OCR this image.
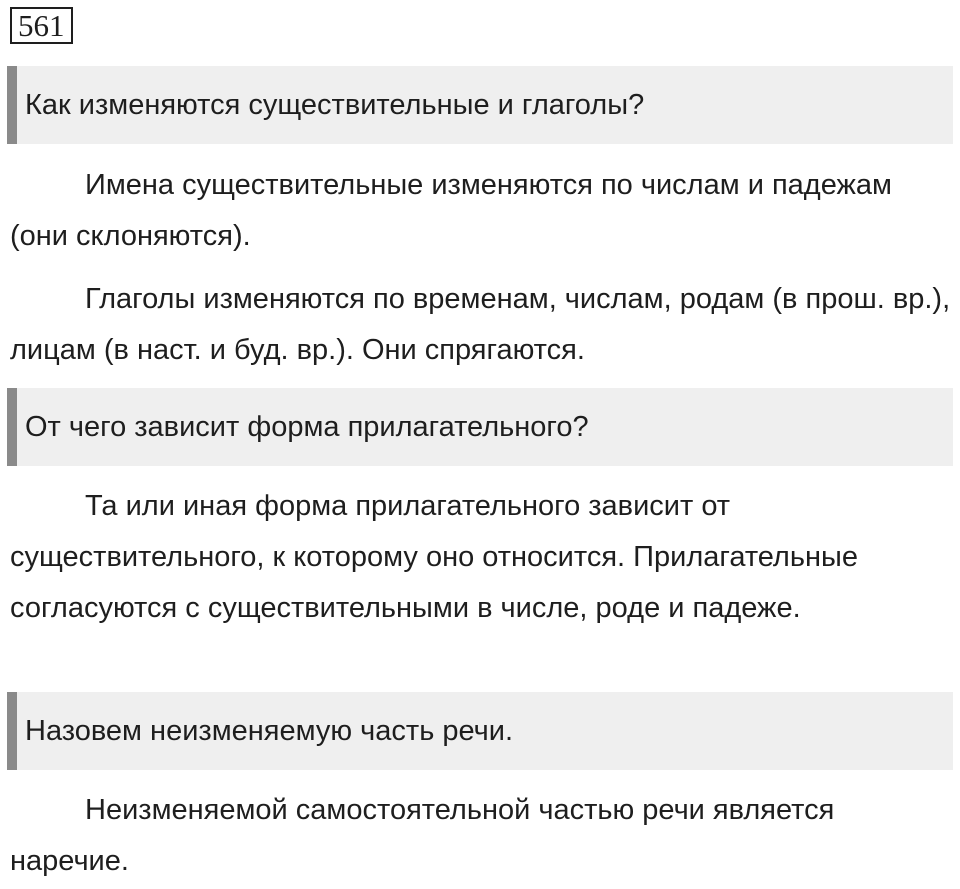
561
Как изменяются существительные и глаголы?

Имена существительные изменяются по числам и падежам (они склоняются).

Глаголы изменяются по временам, числам, родам (в прош. вр.), лицам (в наст. и буд. вр.). Они спрягаются.

От чего зависит форма прилагательного?

Та или иная форма прилагательного зависит от существительного, к которому оно относится. Прилагательные согласуются с существительными в числе, роде и падеже.

Назовем неизменяемую часть речи.

Неизменяемой самостоятельной частью речи является наречие.
